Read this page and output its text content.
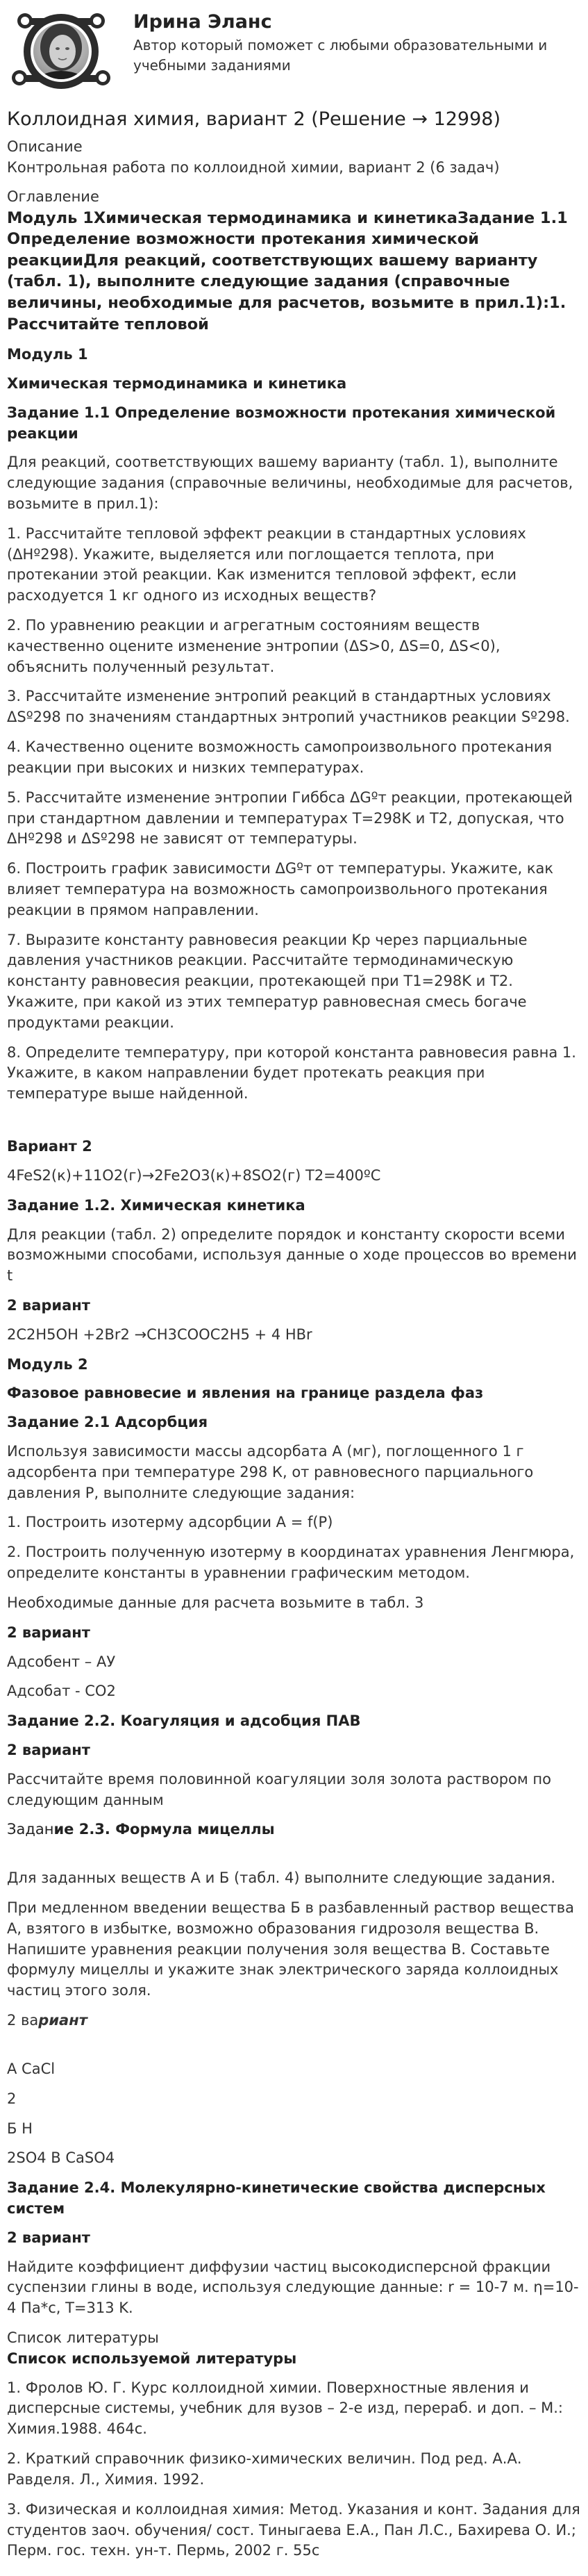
Ирина Эланс
Автор который поможет с любыми образовательными и учебными заданиями
Коллоидная химия, вариант 2 (Решение → 12998)

Описание

Контрольная работа по коллоидной химии, вариант 2 (6 задач)

Оглавление

Модуль 1Химическая термодинамика и кинетикаЗадание 1.1 Определение возможности протекания химической реакцииДля реакций, соответствующих вашему варианту (табл. 1), выполните следующие задания (справочные величины, необходимые для расчетов, возьмите в прил.1):1. Рассчитайте тепловой

Модуль 1

Химическая термодинамика и кинетика

Задание 1.1 Определение возможности протекания химической реакции

Для реакций, соответствующих вашему варианту (табл. 1), выполните следующие задания (справочные величины, необходимые для расчетов, возьмите в прил.1):

1. Рассчитайте тепловой эффект реакции в стандартных условиях (ΔHº298). Укажите, выделяется или поглощается теплота, при протекании этой реакции. Как изменится тепловой эффект, если расходуется 1 кг одного из исходных веществ?

2. По уравнению реакции и агрегатным состояниям веществ качественно оцените изменение энтропии (ΔS>0, ΔS=0, ΔS<0), объяснить полученный результат.

3. Рассчитайте изменение энтропий реакций в стандартных условиях ΔSº298 по значениям стандартных энтропий участников реакции Sº298.

4. Качественно оцените возможность самопроизвольного протекания реакции при высоких и низких температурах.

5. Рассчитайте изменение энтропии Гиббса ΔGºт реакции, протекающей при стандартном давлении и температурах T=298K и T2, допуская, что ΔHº298 и ΔSº298 не зависят от температуры.

6. Построить график зависимости ΔGºт от температуры. Укажите, как влияет температура на возможность самопроизвольного протекания реакции в прямом направлении.

7. Выразите константу равновесия реакции Kp через парциальные давления участников реакции. Рассчитайте термодинамическую константу равновесия реакции, протекающей при T1=298K и T2. Укажите, при какой из этих температур равновесная смесь богаче продуктами реакции.

8. Определите температуру, при которой константа равновесия равна 1. Укажите, в каком направлении будет протекать реакция при температуре выше найденной.

Вариант 2

4FeS2(к)+11O2(г)→2Fe2O3(к)+8SO2(г) T2=400ºC

Задание 1.2. Химическая кинетика

Для реакции (табл. 2) определите порядок и константу скорости всеми возможными способами, используя данные о ходе процессов во времени t

2 вариант

2C2H5OH +2Br2 →CH3COOC2H5 + 4 HBr

Модуль 2

Фазовое равновесие и явления на границе раздела фаз

Задание 2.1 Адсорбция

Используя зависимости массы адсорбата А (мг), поглощенного 1 г адсорбента при температуре 298 К, от равновесного парциального давления Р, выполните следующие задания:

1. Построить изотерму адсорбции А = f(P)

2. Построить полученную изотерму в координатах уравнения Ленгмюра, определите константы в уравнении графическим методом.

Необходимые данные для расчета возьмите в табл. 3

2 вариант

Адсобент – АУ

Адсобат - CO2

Задание 2.2. Коагуляция и адсобция ПАВ

2 вариант

Рассчитайте время половинной коагуляции золя золота раствором по следующим данным

Задание 2.3. Формула мицеллы

Для заданных веществ А и Б (табл. 4) выполните следующие задания.

При медленном введении вещества Б в разбавленный раствор вещества А, взятого в избытке, возможно образования гидрозоля вещества В. Напишите уравнения реакции получения золя вещества В. Составьте формулу мицеллы и укажите знак электрического заряда коллоидных частиц этого золя.

2 вариант

А CaCl

2

Б Н

2SO4 В CaSO4

Задание 2.4. Молекулярно-кинетические свойства дисперсных систем

2 вариант

Найдите коэффициент диффузии частиц высокодисперсной фракции суспензии глины в воде, используя следующие данные: r = 10-7 м. η=10-4 Па*с, T=313 K.

Список литературы

Список используемой литературы

1. Фролов Ю. Г. Курс коллоидной химии. Поверхностные явления и дисперсные системы, учебник для вузов – 2-е изд, перераб. и доп. – М.: Химия.1988. 464с.

2. Краткий справочник физико-химических величин. Под ред. А.А. Равделя. Л., Химия. 1992.

3. Физическая и коллоидная химия: Метод. Указания и конт. Задания для студентов заоч. обучения/ сост. Тиныгаева Е.А., Пан Л.С., Бахирева О. И.; Перм. гос. техн. ун-т. Пермь, 2002 г. 55с
